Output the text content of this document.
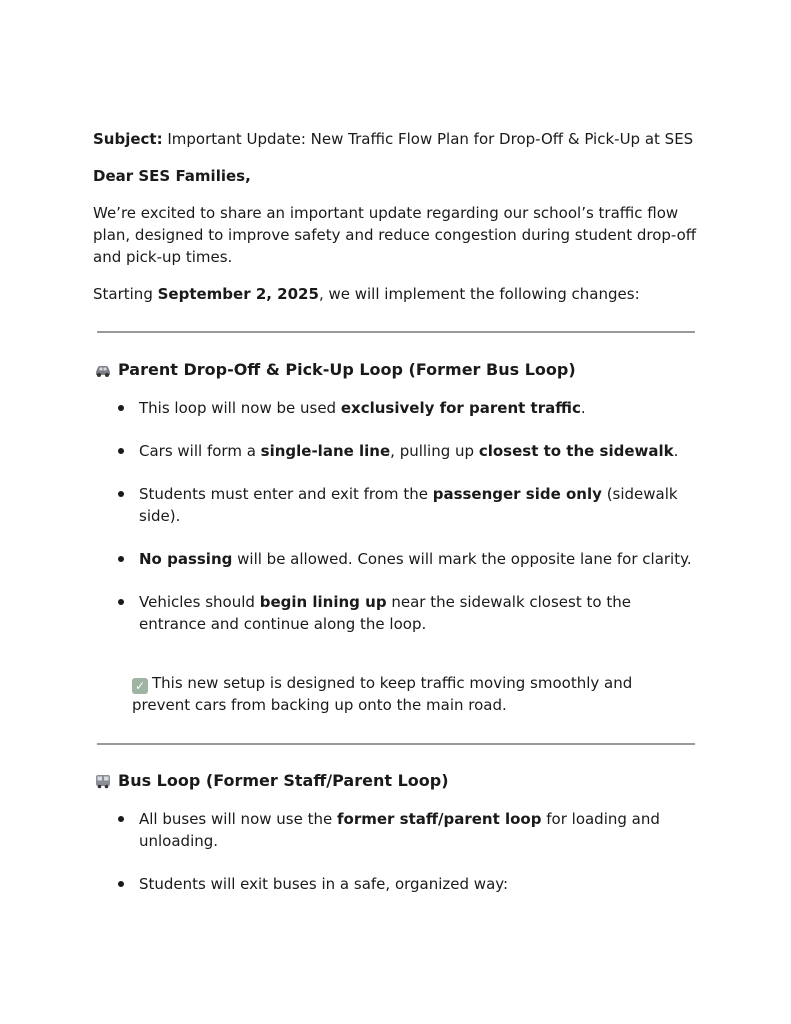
Subject: Important Update: New Traffic Flow Plan for Drop-Off & Pick-Up at SES
Dear SES Families,
We’re excited to share an important update regarding our school’s traffic flow plan, designed to improve safety and reduce congestion during student drop-off and pick-up times.
Starting September 2, 2025, we will implement the following changes:
Parent Drop-Off & Pick-Up Loop (Former Bus Loop)
This loop will now be used exclusively for parent traffic.
Cars will form a single-lane line, pulling up closest to the sidewalk.
Students must enter and exit from the passenger side only (sidewalk side).
No passing will be allowed. Cones will mark the opposite lane for clarity.
Vehicles should begin lining up near the sidewalk closest to the entrance and continue along the loop.
✓ This new setup is designed to keep traffic moving smoothly and prevent cars from backing up onto the main road.
Bus Loop (Former Staff/Parent Loop)
All buses will now use the former staff/parent loop for loading and unloading.
Students will exit buses in a safe, organized way:
